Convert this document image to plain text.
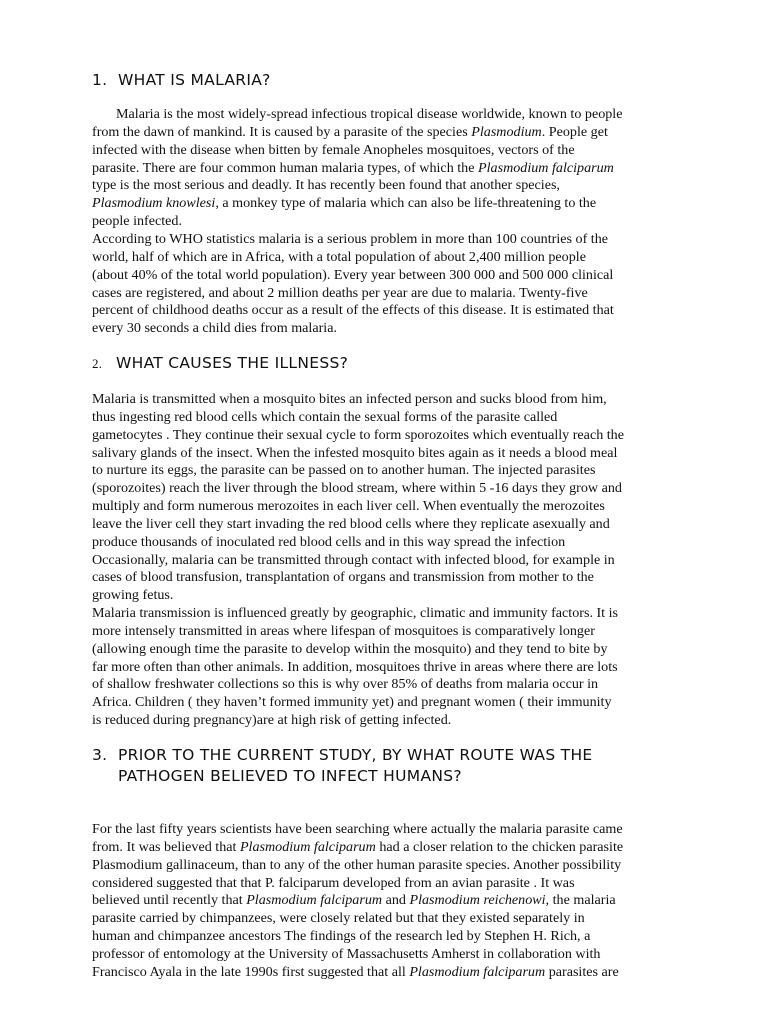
1. WHAT IS MALARIA?
Malaria is the most widely-spread infectious tropical disease worldwide, known to people
from the dawn of mankind. It is caused by a parasite of the species Plasmodium. People get
infected with the disease when bitten by female Anopheles mosquitoes, vectors of the
parasite. There are four common human malaria types, of which the Plasmodium falciparum
type is the most serious and deadly. It has recently been found that another species,
Plasmodium knowlesi, a monkey type of malaria which can also be life-threatening to the
people infected.
According to WHO statistics malaria is a serious problem in more than 100 countries of the
world, half of which are in Africa, with a total population of about 2,400 million people
(about 40% of the total world population). Every year between 300 000 and 500 000 clinical
cases are registered, and about 2 million deaths per year are due to malaria. Twenty-five
percent of childhood deaths occur as a result of the effects of this disease. It is estimated that
every 30 seconds a child dies from malaria.
2. WHAT CAUSES THE ILLNESS?
Malaria is transmitted when a mosquito bites an infected person and sucks blood from him,
thus ingesting red blood cells which contain the sexual forms of the parasite called
gametocytes . They continue their sexual cycle to form sporozoites which eventually reach the
salivary glands of the insect. When the infested mosquito bites again as it needs a blood meal
to nurture its eggs, the parasite can be passed on to another human. The injected parasites
(sporozoites) reach the liver through the blood stream, where within 5 -16 days they grow and
multiply and form numerous merozoites in each liver cell. When eventually the merozoites
leave the liver cell they start invading the red blood cells where they replicate asexually and
produce thousands of inoculated red blood cells and in this way spread the infection
Occasionally, malaria can be transmitted through contact with infected blood, for example in
cases of blood transfusion, transplantation of organs and transmission from mother to the
growing fetus.
Malaria transmission is influenced greatly by geographic, climatic and immunity factors. It is
more intensely transmitted in areas where lifespan of mosquitoes is comparatively longer
(allowing enough time the parasite to develop within the mosquito) and they tend to bite by
far more often than other animals. In addition, mosquitoes thrive in areas where there are lots
of shallow freshwater collections so this is why over 85% of deaths from malaria occur in
Africa. Children ( they haven’t formed immunity yet) and pregnant women ( their immunity
is reduced during pregnancy)are at high risk of getting infected.
3. PRIOR TO THE CURRENT STUDY, BY WHAT ROUTE WAS THE
PATHOGEN BELIEVED TO INFECT HUMANS?
For the last fifty years scientists have been searching where actually the malaria parasite came
from. It was believed that Plasmodium falciparum had a closer relation to the chicken parasite
Plasmodium gallinaceum, than to any of the other human parasite species. Another possibility
considered suggested that that P. falciparum developed from an avian parasite . It was
believed until recently that Plasmodium falciparum and Plasmodium reichenowi, the malaria
parasite carried by chimpanzees, were closely related but that they existed separately in
human and chimpanzee ancestors The findings of the research led by Stephen H. Rich, a
professor of entomology at the University of Massachusetts Amherst in collaboration with
Francisco Ayala in the late 1990s first suggested that all Plasmodium falciparum parasites are
